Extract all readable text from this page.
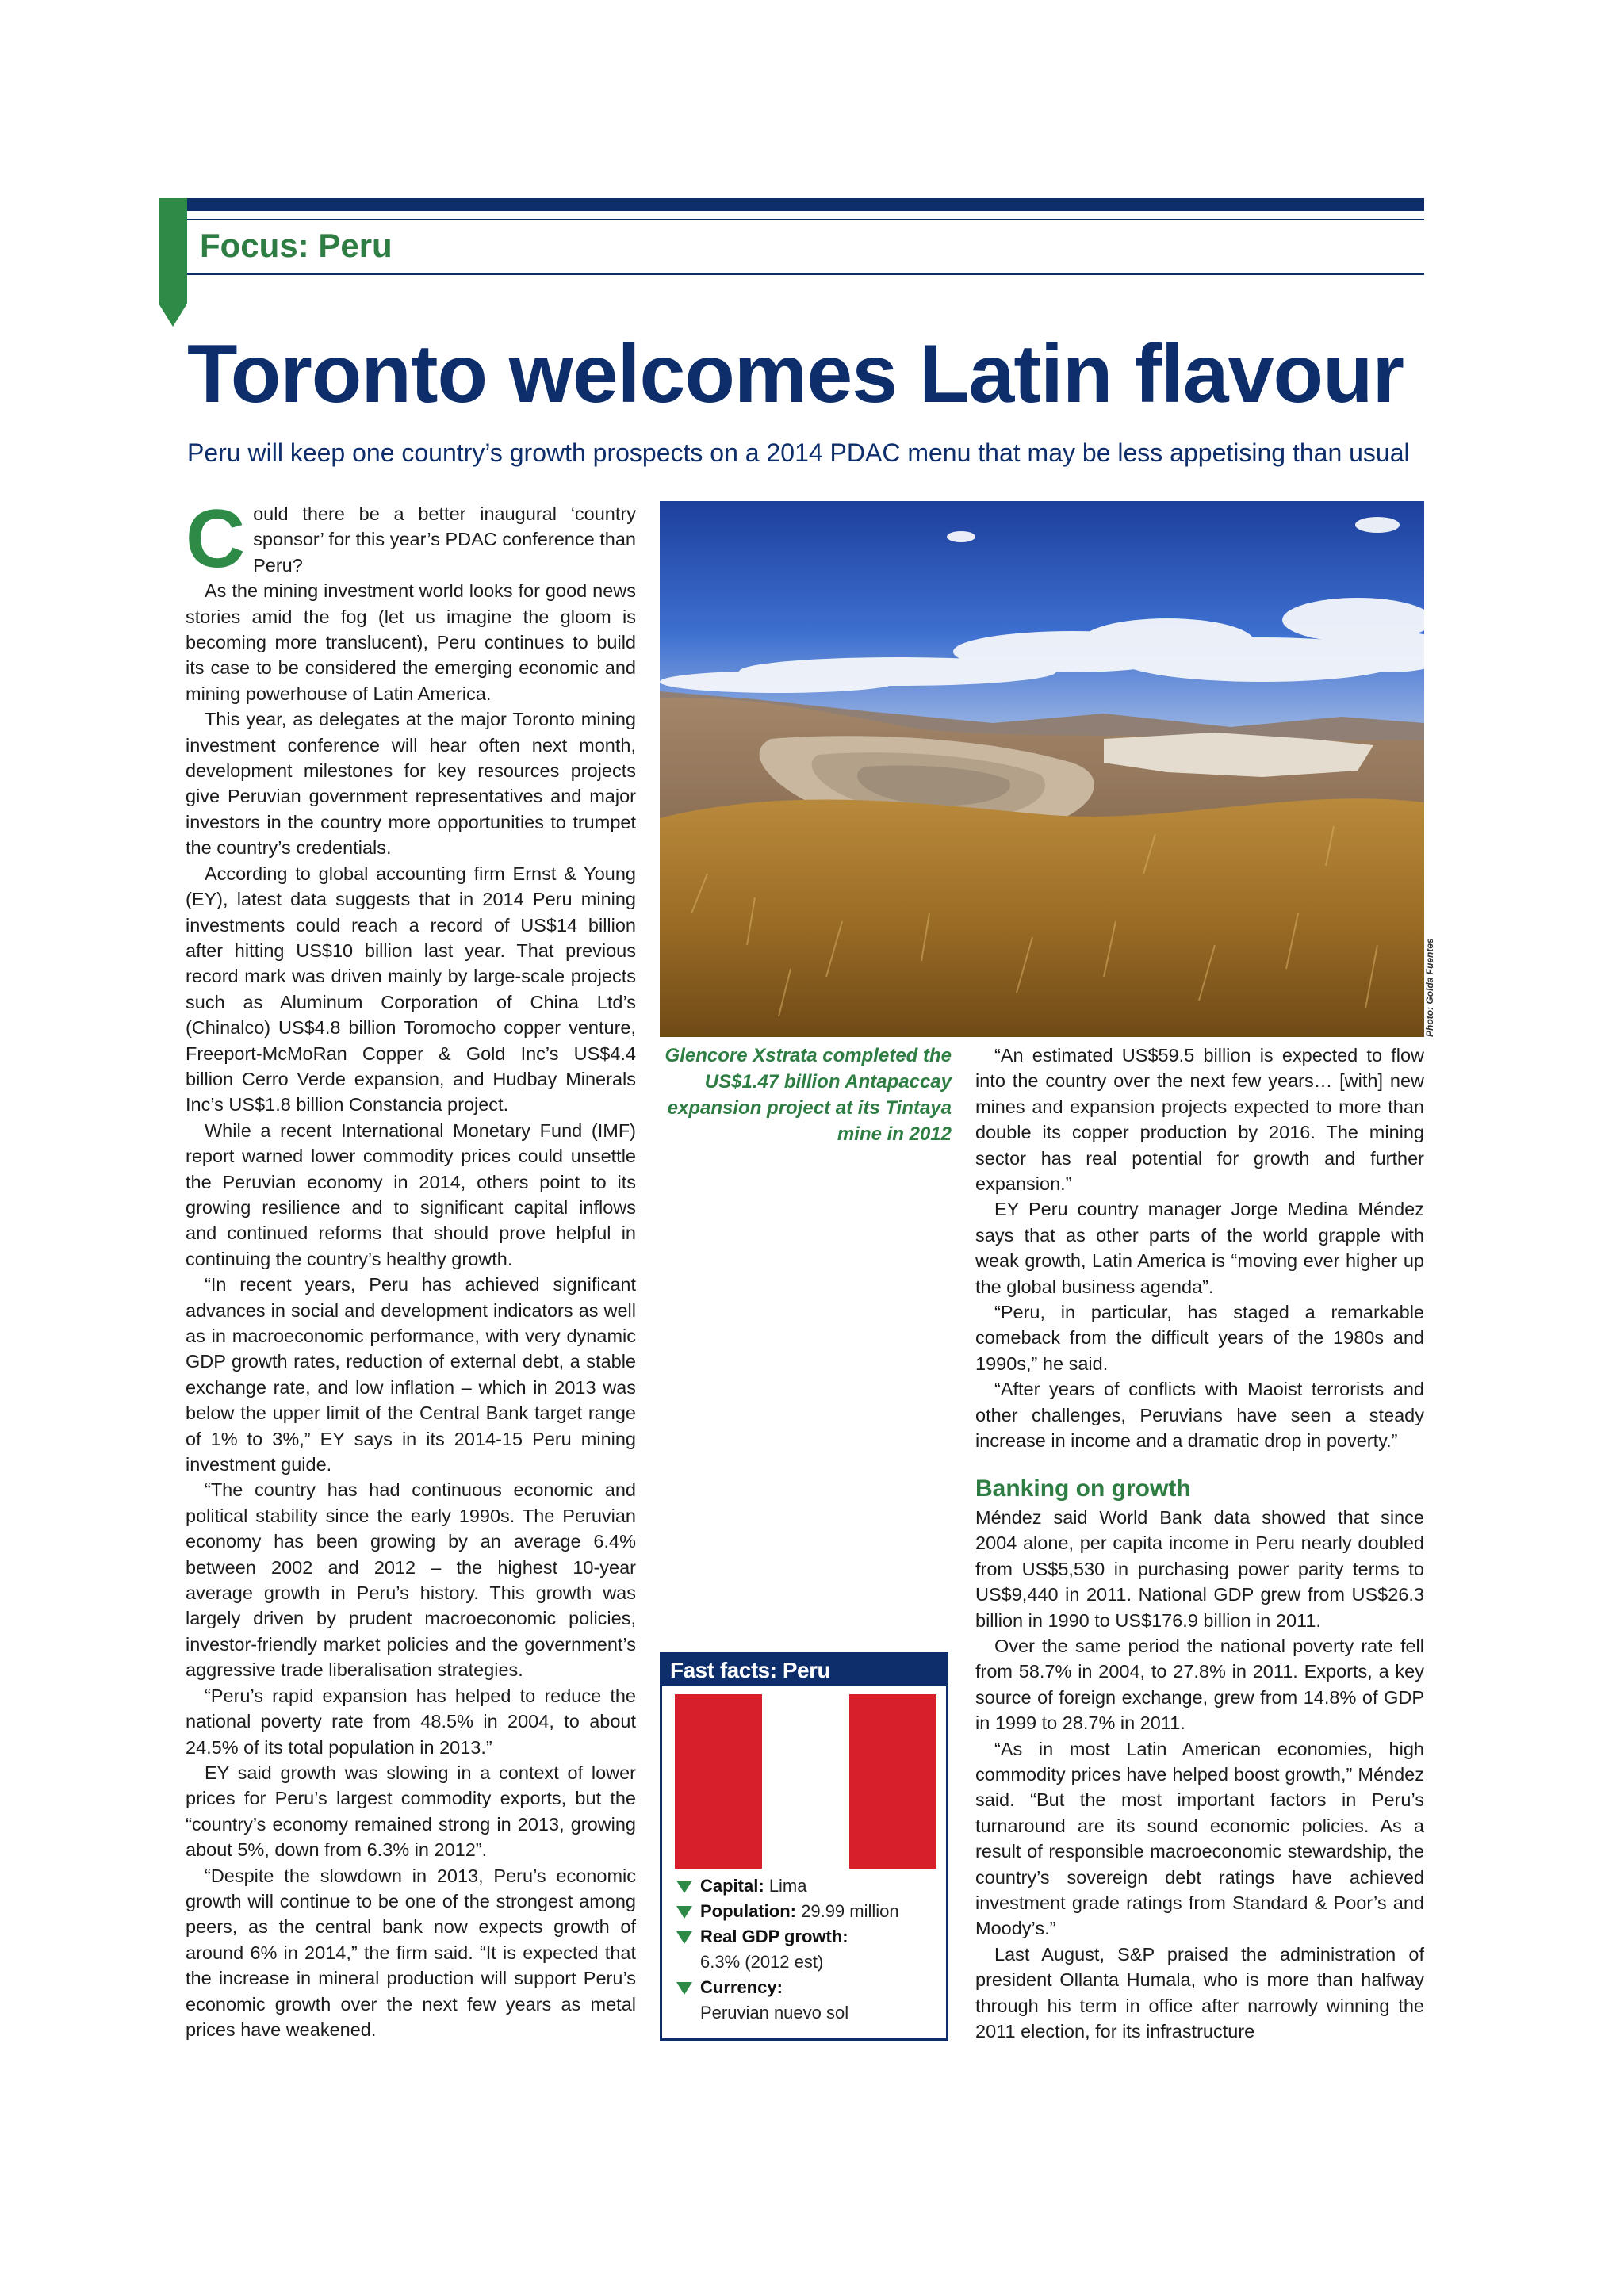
Focus: Peru
Toronto welcomes Latin flavour
Peru will keep one country’s growth prospects on a 2014 PDAC menu that may be less appetising than usual

Could there be a better inaugural ‘country sponsor’ for this year’s PDAC conference than Peru?

As the mining investment world looks for good news stories amid the fog (let us imagine the gloom is becoming more translucent), Peru continues to build its case to be considered the emerging economic and mining powerhouse of Latin America.

This year, as delegates at the major Toronto mining investment conference will hear often next month, development milestones for key resources projects give Peruvian government representatives and major investors in the country more opportunities to trumpet the country’s credentials.

According to global accounting firm Ernst & Young (EY), latest data suggests that in 2014 Peru mining investments could reach a record of US$14 billion after hitting US$10 billion last year. That previous record mark was driven mainly by large-scale projects such as Aluminum Corporation of China Ltd’s (Chinalco) US$4.8 billion Toromocho copper venture, Freeport-McMoRan Copper & Gold Inc’s US$4.4 billion Cerro Verde expansion, and Hudbay Minerals Inc’s US$1.8 billion Constancia project.

While a recent International Monetary Fund (IMF) report warned lower commodity prices could unsettle the Peruvian economy in 2014, others point to its growing resilience and to significant capital inflows and continued reforms that should prove helpful in continuing the country’s healthy growth.

“In recent years, Peru has achieved significant advances in social and development indicators as well as in macroeconomic performance, with very dynamic GDP growth rates, reduction of external debt, a stable exchange rate, and low inflation – which in 2013 was below the upper limit of the Central Bank target range of 1% to 3%,” EY says in its 2014-15 Peru mining investment guide.

“The country has had continuous economic and political stability since the early 1990s. The Peruvian economy has been growing by an average 6.4% between 2002 and 2012 – the highest 10-year average growth in Peru’s history. This growth was largely driven by prudent macroeconomic policies, investor-friendly market policies and the government’s aggressive trade liberalisation strategies.

“Peru’s rapid expansion has helped to reduce the national poverty rate from 48.5% in 2004, to about 24.5% of its total population in 2013.”

EY said growth was slowing in a context of lower prices for Peru’s largest commodity exports, but the “country’s economy remained strong in 2013, growing about 5%, down from 6.3% in 2012”.

“Despite the slowdown in 2013, Peru’s economic growth will continue to be one of the strongest among peers, as the central bank now expects growth of around 6% in 2014,” the firm said. “It is expected that the increase in mineral production will support Peru’s economic growth over the next few years as metal prices have weakened.

Photo: Golda Fuentes
Glencore Xstrata completed the US$1.47 billion Antapaccay expansion project at its Tintaya mine in 2012

“An estimated US$59.5 billion is expected to flow into the country over the next few years… [with] new mines and expansion projects expected to more than double its copper production by 2016. The mining sector has real potential for growth and further expansion.”

EY Peru country manager Jorge Medina Méndez says that as other parts of the world grapple with weak growth, Latin America is “moving ever higher up the global business agenda”.

“Peru, in particular, has staged a remarkable comeback from the difficult years of the 1980s and 1990s,” he said.

“After years of conflicts with Maoist terrorists and other challenges, Peruvians have seen a steady increase in income and a dramatic drop in poverty.”

Banking on growth

Méndez said World Bank data showed that since 2004 alone, per capita income in Peru nearly doubled from US$5,530 in purchasing power parity terms to US$9,440 in 2011. National GDP grew from US$26.3 billion in 1990 to US$176.9 billion in 2011.

Over the same period the national poverty rate fell from 58.7% in 2004, to 27.8% in 2011. Exports, a key source of foreign exchange, grew from 14.8% of GDP in 1999 to 28.7% in 2011.

“As in most Latin American economies, high commodity prices have helped boost growth,” Méndez said. “But the most important factors in Peru’s turnaround are its sound economic policies. As a result of responsible macroeconomic stewardship, the country’s sovereign debt ratings have achieved investment grade ratings from Standard & Poor’s and Moody’s.”

Last August, S&P praised the administration of president Ollanta Humala, who is more than halfway through his term in office after narrowly winning the 2011 election, for its infrastructure

Fast facts: Peru
Capital: Lima
Population: 29.99 million
Real GDP growth:
6.3% (2012 est)
Currency:
Peruvian nuevo sol
